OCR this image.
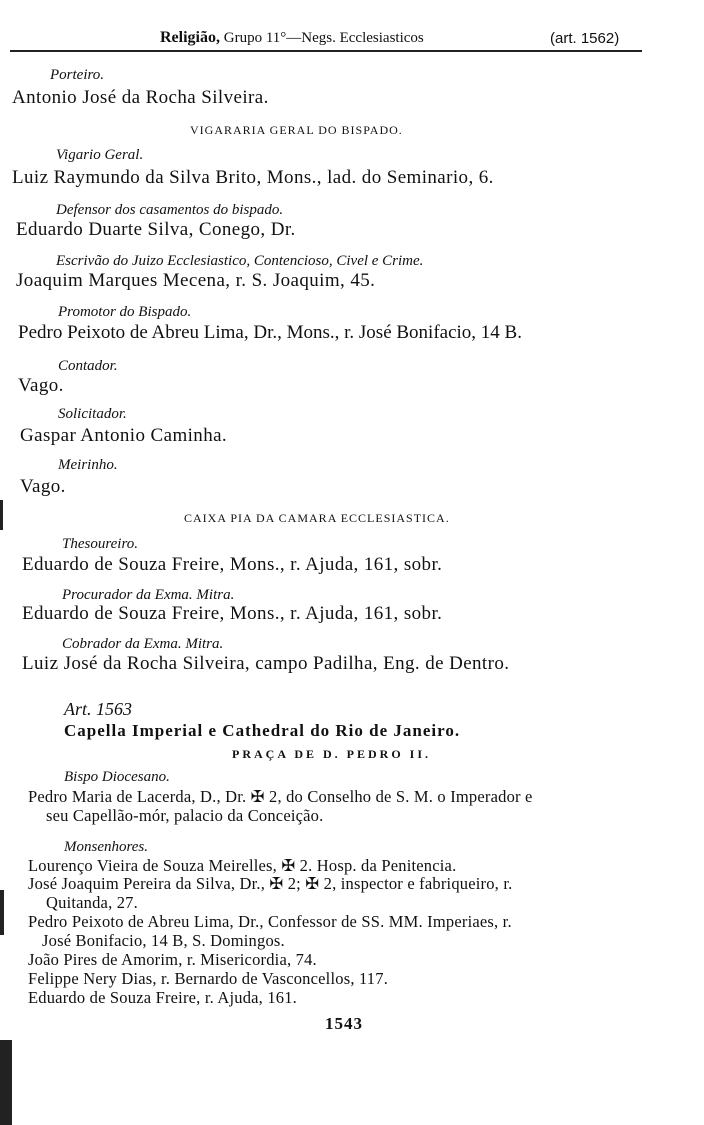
Religião, Grupo 11°—Negs. Ecclesiasticos	(art. 1562)
Porteiro.
Antonio José da Rocha Silveira.
VIGARARIA GERAL DO BISPADO.
Vigario Geral.
Luiz Raymundo da Silva Brito, Mons., lad. do Seminario, 6.
Defensor dos casamentos do bispado.
Eduardo Duarte Silva, Conego, Dr.
Escrivão do Juizo Ecclesiastico, Contencioso, Civel e Crime.
Joaquim Marques Mecena, r. S. Joaquim, 45.
Promotor do Bispado.
Pedro Peixoto de Abreu Lima, Dr., Mons., r. José Bonifacio, 14 B.
Contador.
Vago.
Solicitador.
Gaspar Antonio Caminha.
Meirinho.
Vago.
CAIXA PIA DA CAMARA ECCLESIASTICA.
Thesoureiro.
Eduardo de Souza Freire, Mons., r. Ajuda, 161, sobr.
Procurador da Exma. Mitra.
Eduardo de Souza Freire, Mons., r. Ajuda, 161, sobr.
Cobrador da Exma. Mitra.
Luiz José da Rocha Silveira, campo Padilha, Eng. de Dentro.
Art. 1563
Capella Imperial e Cathedral do Rio de Janeiro.
PRAÇA DE D. PEDRO II.
Bispo Diocesano.
Pedro Maria de Lacerda, D., Dr. ✠ 2, do Conselho de S. M. o Imperador e
seu Capellão-mór, palacio da Conceição.
Monsenhores.
Lourenço Vieira de Souza Meirelles, ✠ 2. Hosp. da Penitencia.
José Joaquim Pereira da Silva, Dr., ✠ 2; ✠ 2, inspector e fabriqueiro, r.
Quitanda, 27.
Pedro Peixoto de Abreu Lima, Dr., Confessor de SS. MM. Imperiaes, r.
José Bonifacio, 14 B, S. Domingos.
João Pires de Amorim, r. Misericordia, 74.
Felippe Nery Dias, r. Bernardo de Vasconcellos, 117.
Eduardo de Souza Freire, r. Ajuda, 161.
1543
